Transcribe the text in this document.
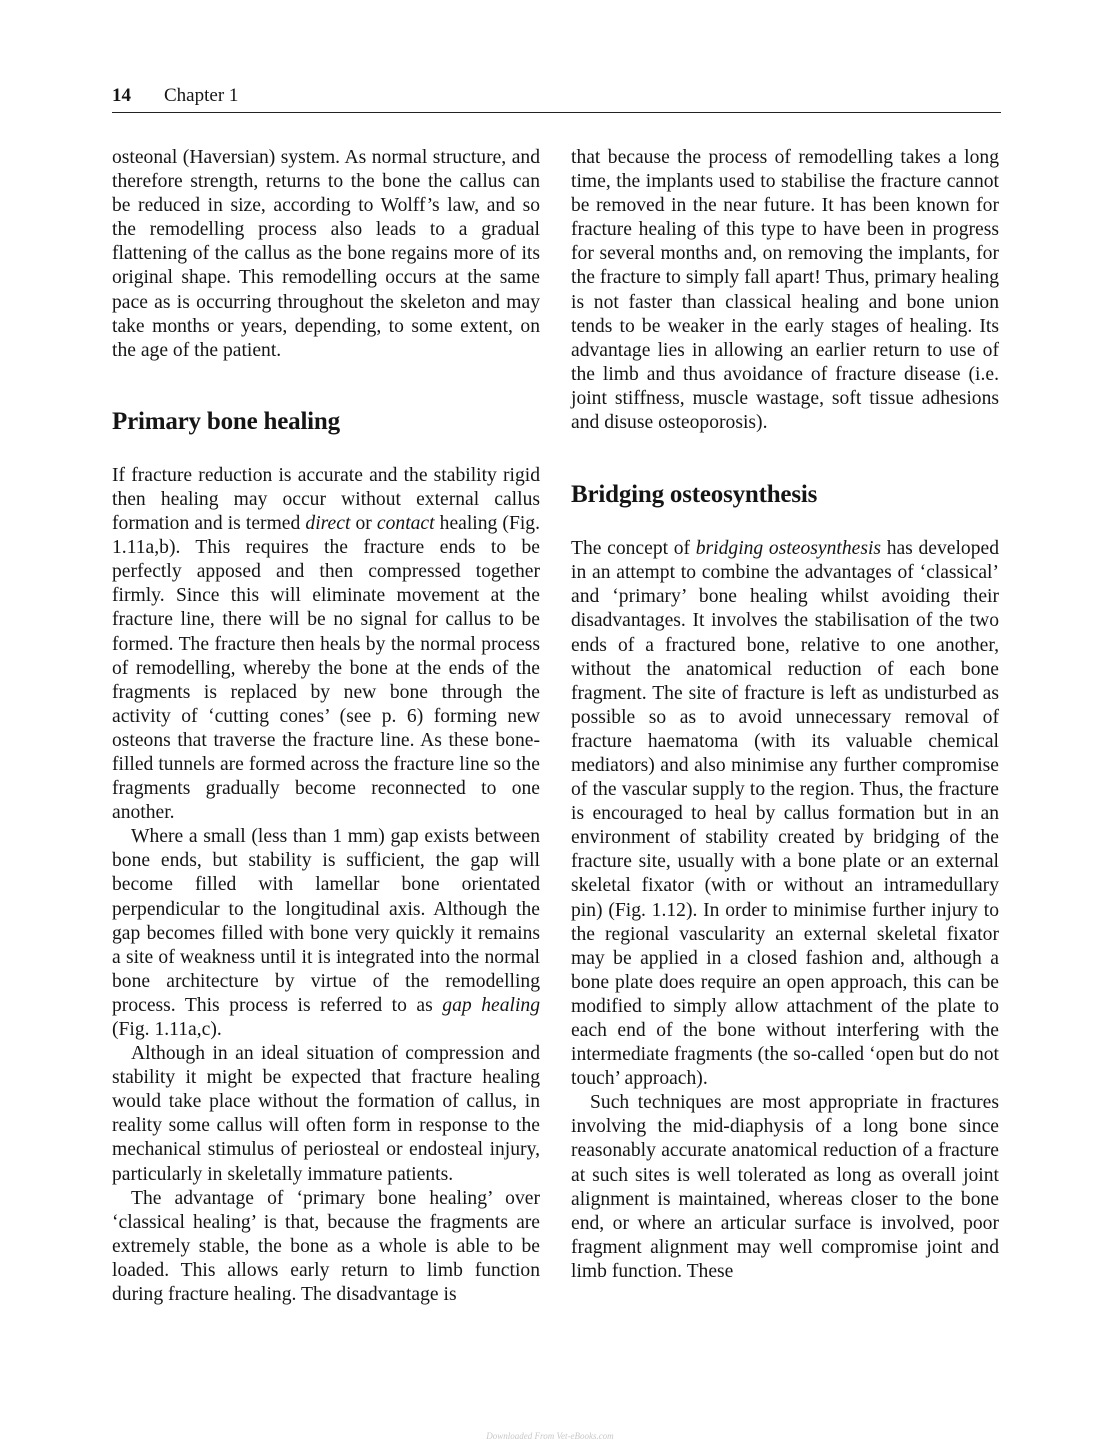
14 Chapter 1

osteonal (Haversian) system. As normal structure, and therefore strength, returns to the bone the callus can be reduced in size, according to Wolff’s law, and so the remodelling process also leads to a gradual flattening of the callus as the bone regains more of its original shape. This remodelling occurs at the same pace as is occurring throughout the skeleton and may take months or years, depending, to some extent, on the age of the patient.

Primary bone healing

If fracture reduction is accurate and the stability rigid then healing may occur without external callus formation and is termed direct or contact healing (Fig. 1.11a,b). This requires the fracture ends to be perfectly apposed and then compressed together firmly. Since this will eliminate movement at the fracture line, there will be no signal for callus to be formed. The fracture then heals by the normal process of remodelling, whereby the bone at the ends of the fragments is replaced by new bone through the activity of ‘cutting cones’ (see p. 6) forming new osteons that traverse the fracture line. As these bone-filled tunnels are formed across the fracture line so the fragments gradually become reconnected to one another.

Where a small (less than 1 mm) gap exists between bone ends, but stability is sufficient, the gap will become filled with lamellar bone orientated perpendicular to the longitudinal axis. Although the gap becomes filled with bone very quickly it remains a site of weakness until it is integrated into the normal bone architecture by virtue of the remodelling process. This process is referred to as gap healing (Fig. 1.11a,c).

Although in an ideal situation of compression and stability it might be expected that fracture healing would take place without the formation of callus, in reality some callus will often form in response to the mechanical stimulus of periosteal or endosteal injury, particularly in skeletally immature patients.

The advantage of ‘primary bone healing’ over ‘classical healing’ is that, because the fragments are extremely stable, the bone as a whole is able to be loaded. This allows early return to limb function during fracture healing. The disadvantage is

that because the process of remodelling takes a long time, the implants used to stabilise the fracture cannot be removed in the near future. It has been known for fracture healing of this type to have been in progress for several months and, on removing the implants, for the fracture to simply fall apart! Thus, primary healing is not faster than classical healing and bone union tends to be weaker in the early stages of healing. Its advantage lies in allowing an earlier return to use of the limb and thus avoidance of fracture disease (i.e. joint stiffness, muscle wastage, soft tissue adhesions and disuse osteoporosis).

Bridging osteosynthesis

The concept of bridging osteosynthesis has developed in an attempt to combine the advantages of ‘classical’ and ‘primary’ bone healing whilst avoiding their disadvantages. It involves the stabilisation of the two ends of a fractured bone, relative to one another, without the anatomical reduction of each bone fragment. The site of fracture is left as undisturbed as possible so as to avoid unnecessary removal of fracture haematoma (with its valuable chemical mediators) and also minimise any further compromise of the vascular supply to the region. Thus, the fracture is encouraged to heal by callus formation but in an environment of stability created by bridging of the fracture site, usually with a bone plate or an external skeletal fixator (with or without an intramedullary pin) (Fig. 1.12). In order to minimise further injury to the regional vascularity an external skeletal fixator may be applied in a closed fashion and, although a bone plate does require an open approach, this can be modified to simply allow attachment of the plate to each end of the bone without interfering with the intermediate fragments (the so-called ‘open but do not touch’ approach).

Such techniques are most appropriate in fractures involving the mid-diaphysis of a long bone since reasonably accurate anatomical reduction of a fracture at such sites is well tolerated as long as overall joint alignment is maintained, whereas closer to the bone end, or where an articular surface is involved, poor fragment alignment may well compromise joint and limb function. These

Downloaded From Vet-eBooks.com
